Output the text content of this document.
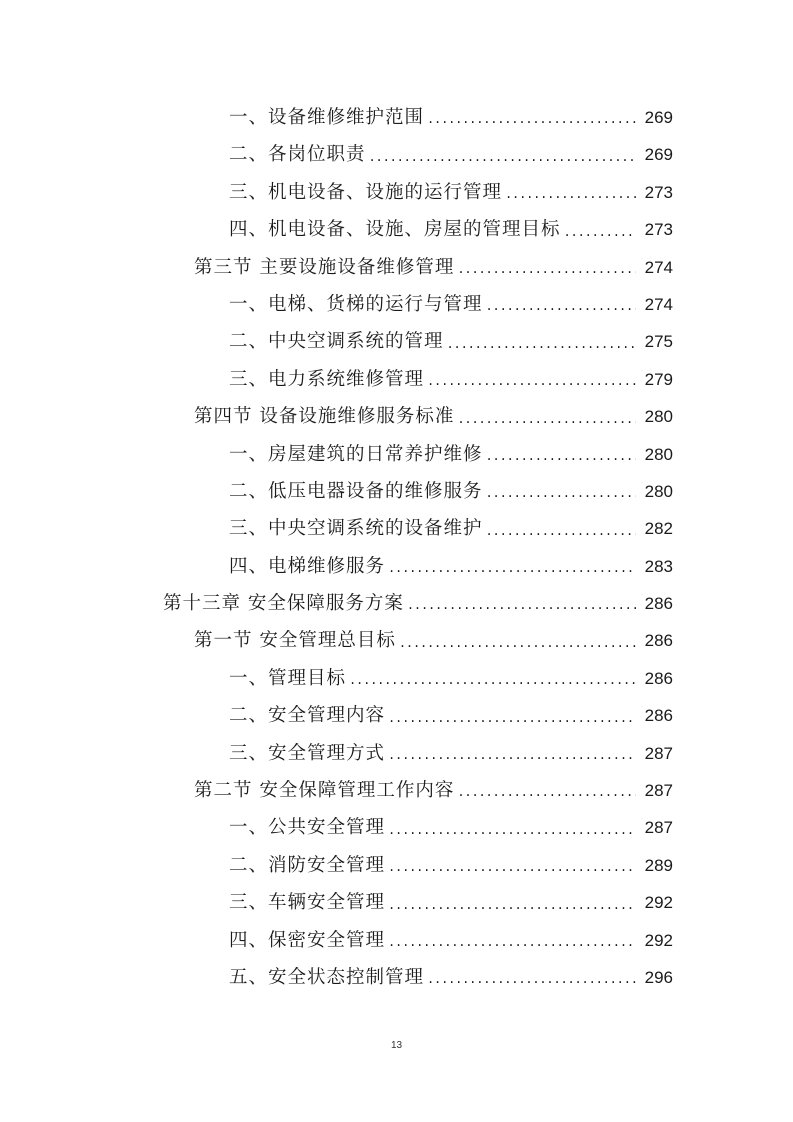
一、设备维修维护范围 .....	269
二、各岗位职责 .....	269
三、机电设备、设施的运行管理 .....	273
四、机电设备、设施、房屋的管理目标 .....	273
第三节 主要设施设备维修管理 .....	274
一、电梯、货梯的运行与管理 .....	274
二、中央空调系统的管理 .....	275
三、电力系统维修管理 .....	279
第四节 设备设施维修服务标准 .....	280
一、房屋建筑的日常养护维修 .....	280
二、低压电器设备的维修服务 .....	280
三、中央空调系统的设备维护 .....	282
四、电梯维修服务 .....	283
第十三章 安全保障服务方案 .....	286
第一节 安全管理总目标 .....	286
一、管理目标 .....	286
二、安全管理内容 .....	286
三、安全管理方式 .....	287
第二节 安全保障管理工作内容 .....	287
一、公共安全管理 .....	287
二、消防安全管理 .....	289
三、车辆安全管理 .....	292
四、保密安全管理 .....	292
五、安全状态控制管理 .....	296
13
